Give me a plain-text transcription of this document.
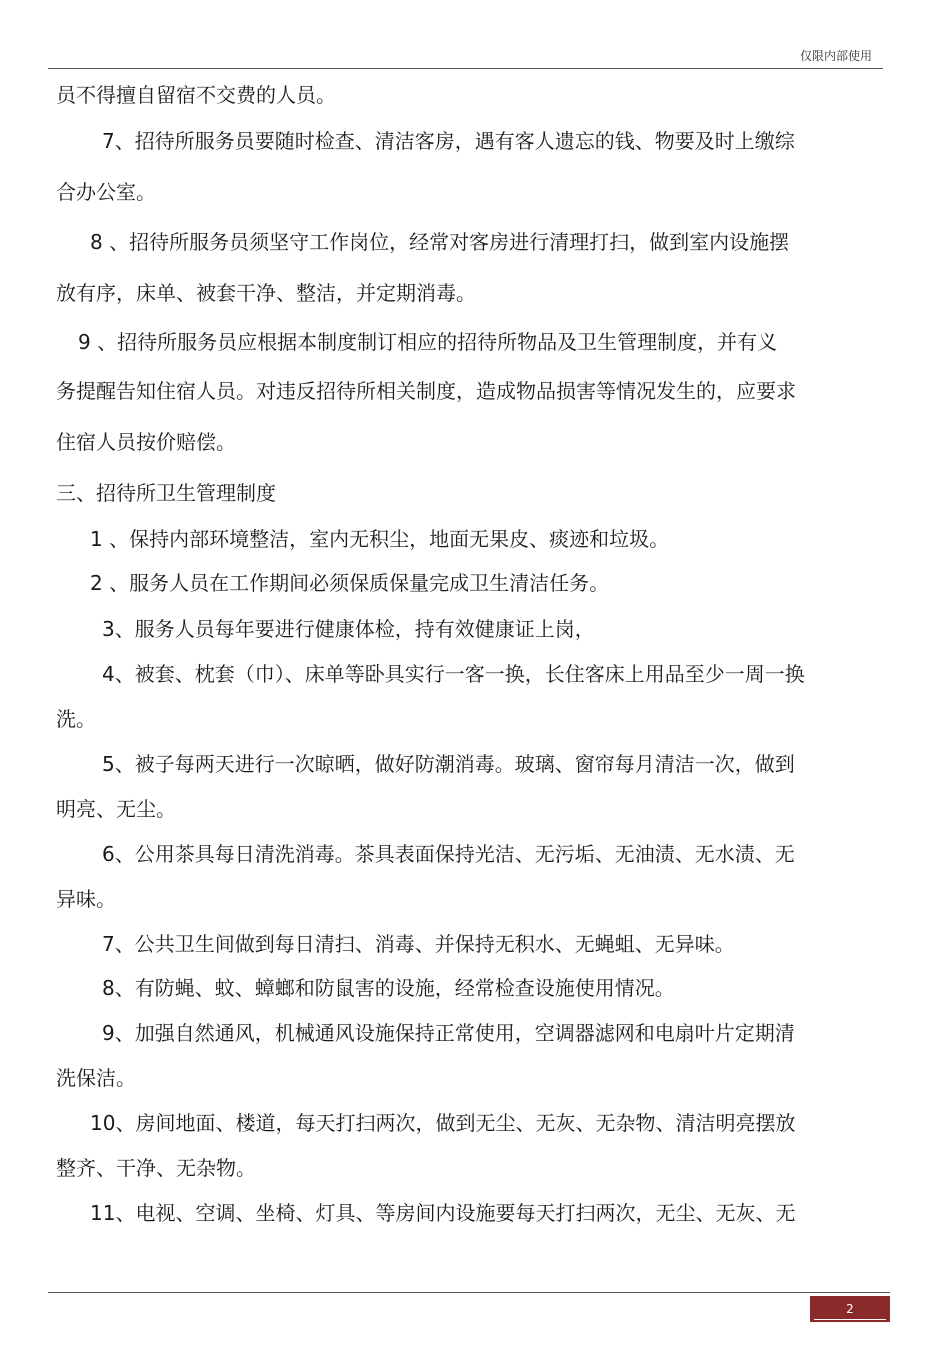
仅限内部使用
员不得擅自留宿不交费的人员。
7、招待所服务员要随时检查、清洁客房，遇有客人遗忘的钱、物要及时上缴综
合办公室。
8 、招待所服务员须坚守工作岗位，经常对客房进行清理打扫，做到室内设施摆
放有序，床单、被套干净、整洁，并定期消毒。
9 、招待所服务员应根据本制度制订相应的招待所物品及卫生管理制度，并有义
务提醒告知住宿人员。对违反招待所相关制度，造成物品损害等情况发生的，应要求
住宿人员按价赔偿。
三、招待所卫生管理制度
1 、保持内部环境整洁，室内无积尘，地面无果皮、痰迹和垃圾。
2 、服务人员在工作期间必须保质保量完成卫生清洁任务。
3、服务人员每年要进行健康体检，持有效健康证上岗，
4、被套、枕套（巾）、床单等卧具实行一客一换，长住客床上用品至少一周一换
洗。
5、被子每两天进行一次晾晒，做好防潮消毒。玻璃、窗帘每月清洁一次，做到
明亮、无尘。
6、公用茶具每日清洗消毒。茶具表面保持光洁、无污垢、无油渍、无水渍、无
异味。
7、公共卫生间做到每日清扫、消毒、并保持无积水、无蝇蛆、无异味。
8、有防蝇、蚊、蟑螂和防鼠害的设施，经常检查设施使用情况。
9、加强自然通风，机械通风设施保持正常使用，空调器滤网和电扇叶片定期清
洗保洁。
10、房间地面、楼道，每天打扫两次，做到无尘、无灰、无杂物、清洁明亮摆放
整齐、干净、无杂物。
11、电视、空调、坐椅、灯具、等房间内设施要每天打扫两次，无尘、无灰、无
2
